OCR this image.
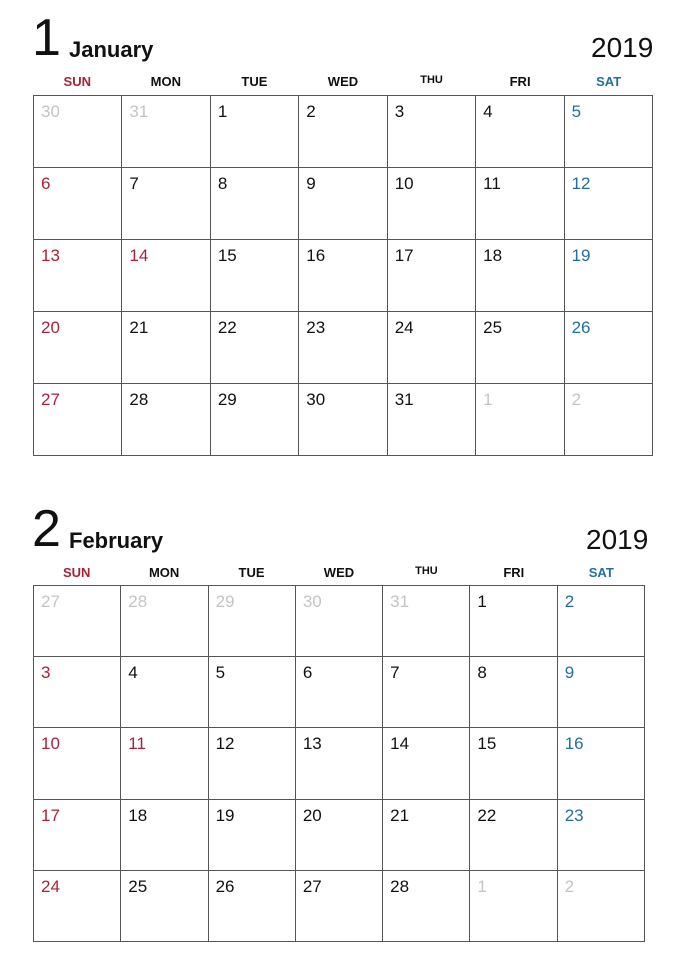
1 January	2019
SUN	MON	TUE	WED	THU	FRI	SAT
30	31	1	2	3	4	5
6	7	8	9	10	11	12
13	14	15	16	17	18	19
20	21	22	23	24	25	26
27	28	29	30	31	1	2
2 February	2019
SUN	MON	TUE	WED	THU	FRI	SAT
27	28	29	30	31	1	2
3	4	5	6	7	8	9
10	11	12	13	14	15	16
17	18	19	20	21	22	23
24	25	26	27	28	1	2
